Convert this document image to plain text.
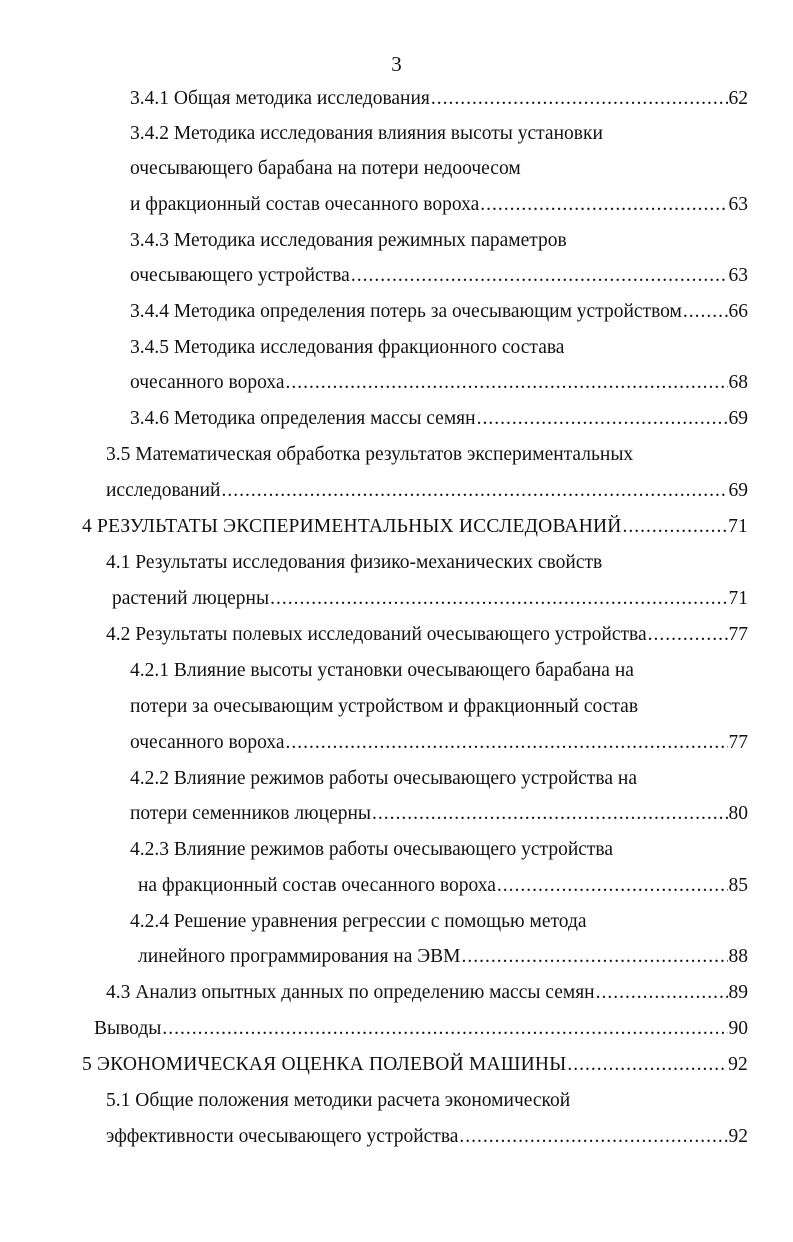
3
3.4.1 Общая методика исследования .....	62
3.4.2 Методика исследования влияния высоты установки
очесывающего барабана на потери недоочесом
и фракционный состав очесанного вороха .....	63
3.4.3 Методика исследования режимных параметров
очесывающего устройства .....	63
3.4.4 Методика определения потерь за очесывающим устройством ..... 66
3.4.5 Методика исследования фракционного состава
очесанного вороха .....	68
3.4.6 Методика определения массы семян .....	69
3.5 Математическая обработка результатов экспериментальных
исследований .....	69
4 РЕЗУЛЬТАТЫ ЭКСПЕРИМЕНТАЛЬНЫХ ИССЛЕДОВАНИЙ .....	71
4.1 Результаты исследования физико-механических свойств
растений люцерны .....	71
4.2 Результаты полевых исследований очесывающего устройства .....	77
4.2.1 Влияние высоты установки очесывающего барабана на
потери за очесывающим устройством и фракционный состав
очесанного вороха .....	77
4.2.2 Влияние режимов работы очесывающего устройства на
потери семенников люцерны .....	80
4.2.3 Влияние режимов работы очесывающего устройства
на фракционный состав очесанного вороха .....	85
4.2.4 Решение уравнения регрессии с помощью метода
линейного программирования на ЭВМ .....	88
4.3 Анализ опытных данных по определению массы семян .....	89
Выводы .....	90
5 ЭКОНОМИЧЕСКАЯ ОЦЕНКА ПОЛЕВОЙ МАШИНЫ .....	92
5.1 Общие положения методики расчета экономической
эффективности очесывающего устройства .....	92
